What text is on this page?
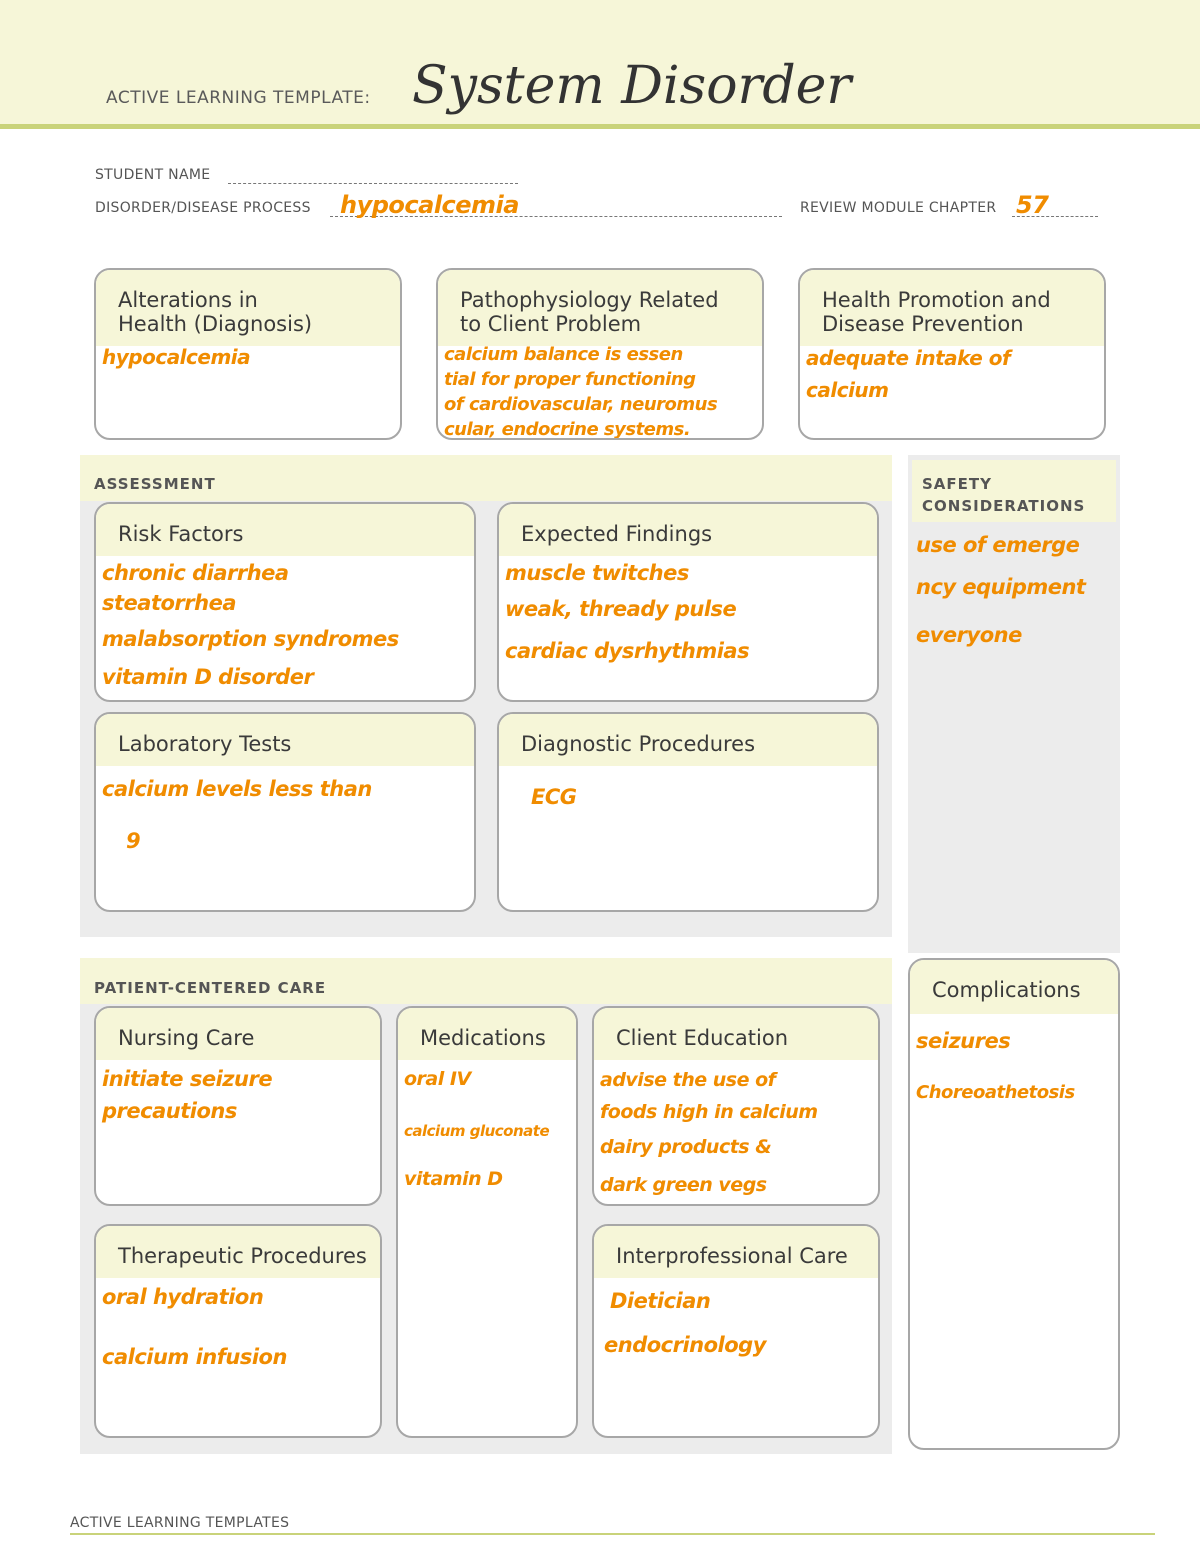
ACTIVE LEARNING TEMPLATE: System Disorder
STUDENT NAME
DISORDER/DISEASE PROCESS hypocalcemia	REVIEW MODULE CHAPTER 57
Alterations in
Health (Diagnosis)
hypocalcemia
Pathophysiology Related
to Client Problem
calcium balance is essen
tial for proper functioning
of cardiovascular, neuromus
cular, endocrine systems.
Health Promotion and
Disease Prevention
adequate intake of
calcium
ASSESSMENT
Risk Factors
chronic diarrhea
steatorrhea
malabsorption syndromes
vitamin D disorder
Expected Findings
muscle twitches
weak, thready pulse
cardiac dysrhythmias
Laboratory Tests
calcium levels less than
9
Diagnostic Procedures
ECG
SAFETY
CONSIDERATIONS
use of emerge
ncy equipment
everyone
PATIENT-CENTERED CARE
Nursing Care
initiate seizure
precautions
Medications
oral IV
calcium gluconate
vitamin D
Client Education
advise the use of
foods high in calcium
dairy products &
dark green vegs
Therapeutic Procedures
oral hydration
calcium infusion
Interprofessional Care
Dietician
endocrinology
Complications
seizures
Choreoathetosis
ACTIVE LEARNING TEMPLATES
